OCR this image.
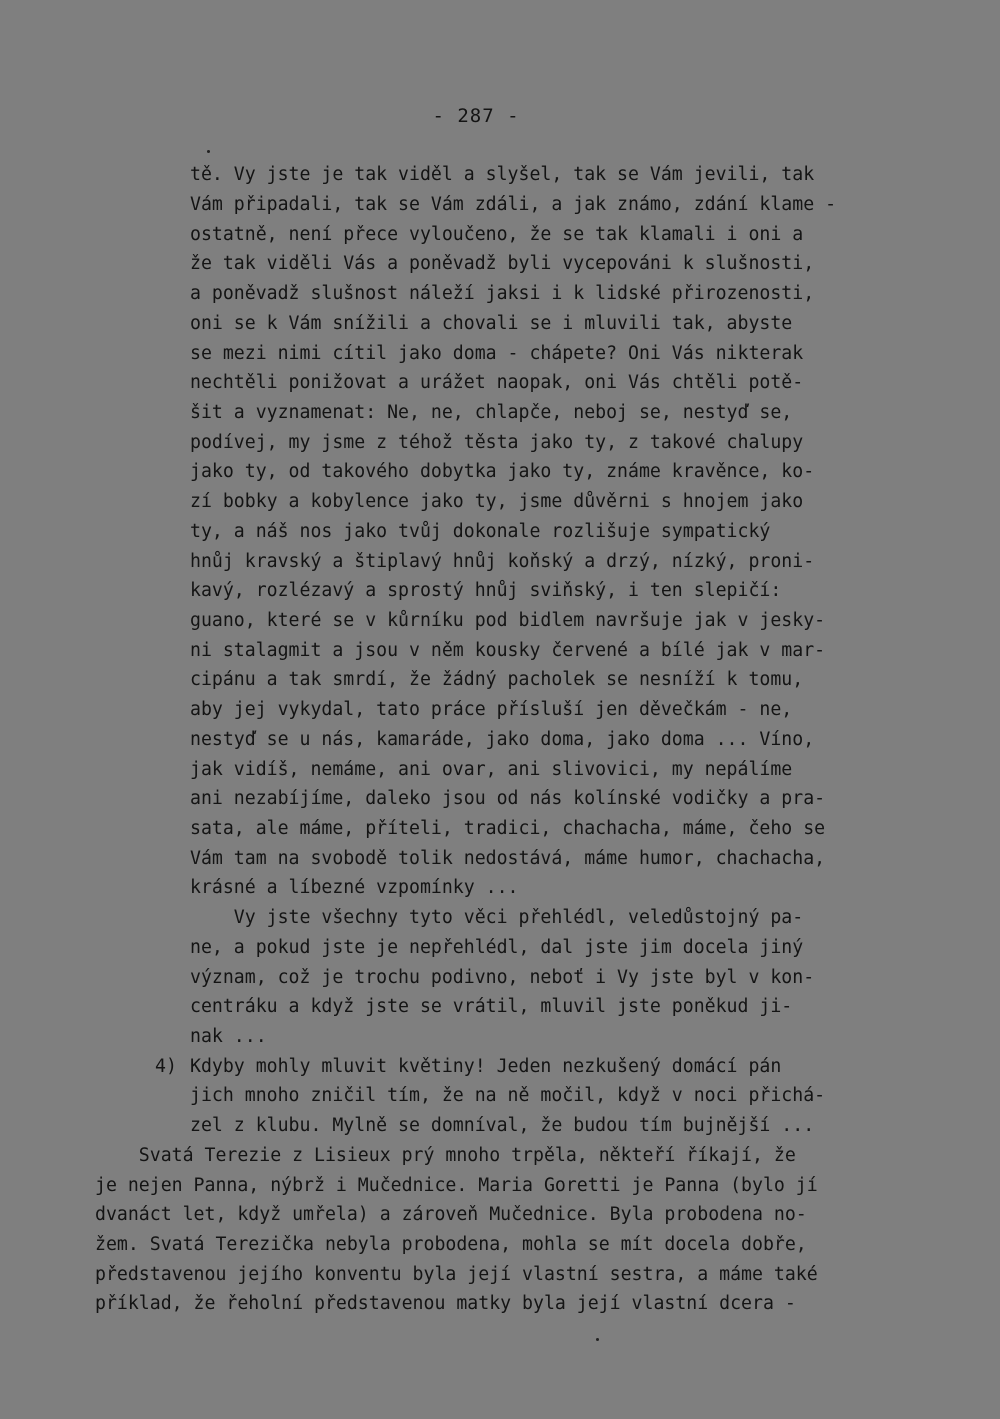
- 287 -
tě. Vy jste je tak viděl a slyšel, tak se Vám jevili, tak
Vám připadali, tak se Vám zdáli, a jak známo, zdání klame -
ostatně, není přece vyloučeno, že se tak klamali i oni a
že tak viděli Vás a poněvadž byli vycepováni k slušnosti,
a poněvadž slušnost náleží jaksi i k lidské přirozenosti,
oni se k Vám snížili a chovali se i mluvili tak, abyste
se mezi nimi cítil jako doma - chápete? Oni Vás nikterak
nechtěli ponižovat a urážet naopak, oni Vás chtěli potě-
šit a vyznamenat: Ne, ne, chlapče, neboj se, nestyď se,
podívej, my jsme z téhož těsta jako ty, z takové chalupy
jako ty, od takového dobytka jako ty, známe kravěnce, ko-
zí bobky a kobylence jako ty, jsme důvěrni s hnojem jako
ty, a náš nos jako tvůj dokonale rozlišuje sympatický
hnůj kravský a štiplavý hnůj koňský a drzý, nízký, proni-
kavý, rozlézavý a sprostý hnůj sviňský, i ten slepičí:
guano, které se v kůrníku pod bidlem navršuje jak v jesky-
ni stalagmit a jsou v něm kousky červené a bílé jak v mar-
cipánu a tak smrdí, že žádný pacholek se nesníží k tomu,
aby jej vykydal, tato práce přísluší jen děvečkám - ne,
nestyď se u nás, kamaráde, jako doma, jako doma ... Víno,
jak vidíš, nemáme, ani ovar, ani slivovici, my nepálíme
ani nezabíjíme, daleko jsou od nás kolínské vodičky a pra-
sata, ale máme, příteli, tradici, chachacha, máme, čeho se
Vám tam na svobodě tolik nedostává, máme humor, chachacha,
krásné a líbezné vzpomínky ...
Vy jste všechny tyto věci přehlédl, veledůstojný pa-
ne, a pokud jste je nepřehlédl, dal jste jim docela jiný
význam, což je trochu podivno, neboť i Vy jste byl v kon-
centráku a když jste se vrátil, mluvil jste poněkud ji-
nak ...
4) Kdyby mohly mluvit květiny! Jeden nezkušený domácí pán
jich mnoho zničil tím, že na ně močil, když v noci přichá-
zel z klubu. Mylně se domníval, že budou tím bujnější ...
Svatá Terezie z Lisieux prý mnoho trpěla, někteří říkají, že
je nejen Panna, nýbrž i Mučednice. Maria Goretti je Panna (bylo jí
dvanáct let, když umřela) a zároveň Mučednice. Byla probodena no-
žem. Svatá Terezička nebyla probodena, mohla se mít docela dobře,
představenou jejího konventu byla její vlastní sestra, a máme také
příklad, že řeholní představenou matky byla její vlastní dcera -
